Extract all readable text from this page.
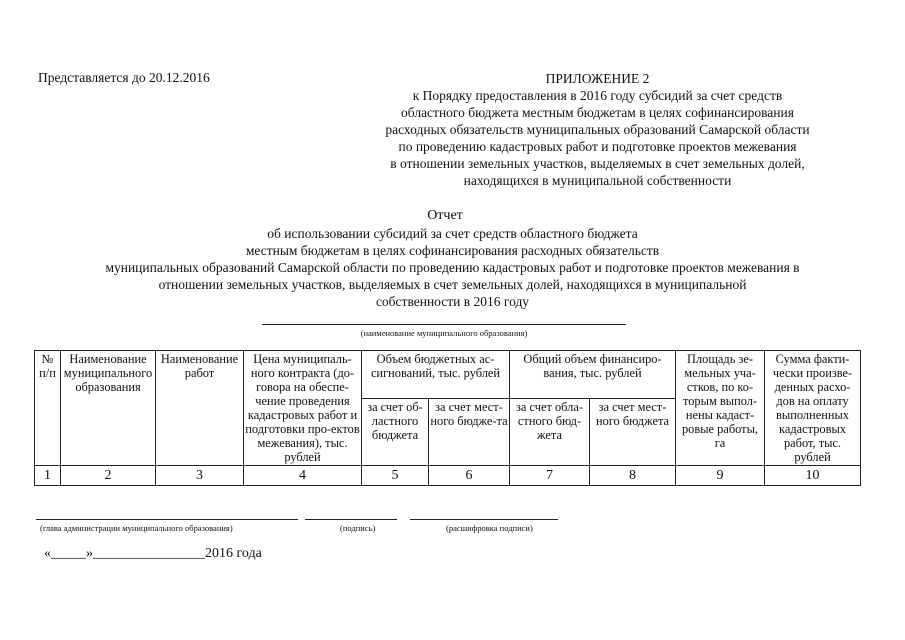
Представляется до 20.12.2016	ПРИЛОЖЕНИЕ 2
к Порядку предоставления в 2016 году субсидий за счет средств
областного бюджета местным бюджетам в целях софинансирования
расходных обязательств муниципальных образований Самарской области
по проведению кадастровых работ и подготовке проектов межевания
в отношении земельных участков, выделяемых в счет земельных долей,
находящихся в муниципальной собственности
Отчет
об использовании субсидий за счет средств областного бюджета
местным бюджетам в целях софинансирования расходных обязательств
муниципальных образований Самарской области по проведению кадастровых работ и подготовке проектов межевания в
отношении земельных участков, выделяемых в счет земельных долей, находящихся в муниципальной
собственности в 2016 году
(наименование муниципального образования)
№ п/п	Наименование муниципального образования	Наименование работ	Цена муниципаль-ного контракта (до-говора на обеспе-чение проведения кадастровых работ и подготовки про-ектов межевания), тыс. рублей	Объем бюджетных ас-сигнований, тыс. рублей		Общий объем финансиро-вания, тыс. рублей		Площадь зе-мельных уча-стков, по ко-торым выпол-нены кадаст-ровые работы, га	Сумма факти-чески произве-денных расхо-дов на оплату выполненных кадастровых работ, тыс. рублей
				за счет об-ластного бюджета	за счет мест-ного бюдже-та	за счет обла-стного бюд-жета	за счет мест-ного бюджета		
1	2	3	4	5	6	7	8	9	10
(глава администрации муниципального образования)	(подпись)	(расшифровка подписи)
«_____»________________2016 года
